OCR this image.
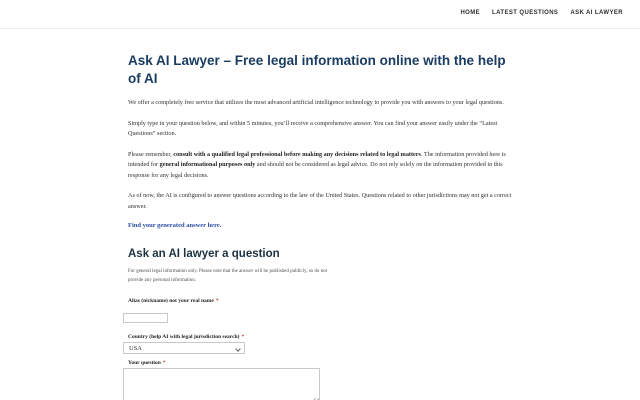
HOME LATEST QUESTIONS ASK AI LAWYER
Ask AI Lawyer – Free legal information online with the help of AI

We offer a completely free service that utilizes the most advanced artificial intelligence technology to provide you with answers to your legal questions.

Simply type in your question below, and within 5 minutes, you’ll receive a comprehensive answer. You can find your answer easily under the “Latest Questions” section.

Please remember, consult with a qualified legal professional before making any decisions related to legal matters. The information provided here is intended for general informational purposes only and should not be considered as legal advice. Do not rely solely on the information provided in this response for any legal decisions.

As of now, the AI is configured to answer questions according to the law of the United States. Questions related to other jurisdictions may not get a correct answer.

Find your generated answer here.
Ask an AI lawyer a question
For general legal information only. Please note that the answer will be published publicly, so do not provide any personal information.
Alias (nickname) not your real name *
Country (help AI with legal jurisdiction search) *
USA
Your question *
